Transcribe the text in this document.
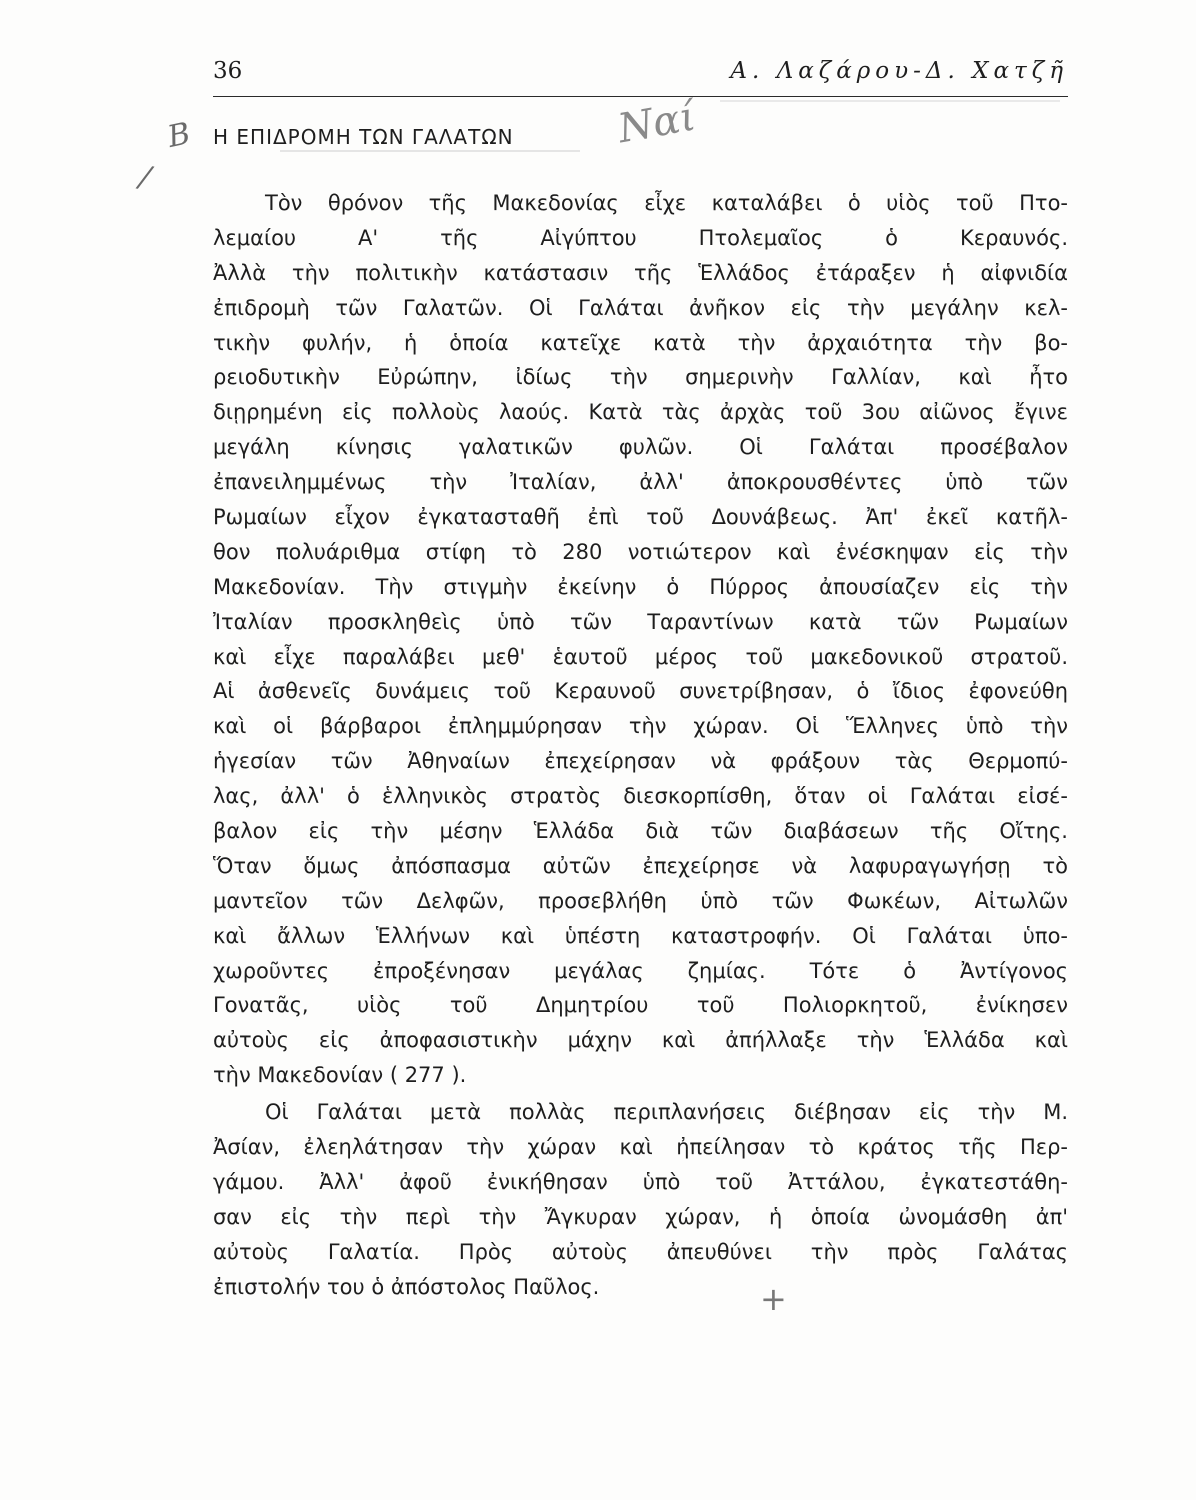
36	Α. Λαζάρου-Δ. Χατζῆ
B
/
Ναί
Η ΕΠΙΔΡΟΜΗ ΤΩΝ ΓΑΛΑΤΩΝ
Τὸν θρόνον τῆς Μακεδονίας εἶχε καταλάβει ὁ υἱὸς τοῦ Πτο-
λεμαίου Α' τῆς Αἰγύπτου Πτολεμαῖος ὁ Κεραυνός.
Ἀλλὰ τὴν πολιτικὴν κατάστασιν τῆς Ἑλλάδος ἐτάραξεν ἡ αἰφνιδία
ἐπιδρομὴ τῶν Γαλατῶν. Οἱ Γαλάται ἀνῆκον εἰς τὴν μεγάλην κελ-
τικὴν φυλήν, ἡ ὁποία κατεῖχε κατὰ τὴν ἀρχαιότητα τὴν βο-
ρειοδυτικὴν Εὐρώπην, ἰδίως τὴν σημερινὴν Γαλλίαν, καὶ ἦτο
διῃρημένη εἰς πολλοὺς λαούς. Κατὰ τὰς ἀρχὰς τοῦ 3ου αἰῶνος ἔγινε
μεγάλη κίνησις γαλατικῶν φυλῶν. Οἱ Γαλάται προσέβαλον
ἐπανειλημμένως τὴν Ἰταλίαν, ἀλλ' ἀποκρουσθέντες ὑπὸ τῶν
Ρωμαίων εἶχον ἐγκατασταθῆ ἐπὶ τοῦ Δουνάβεως. Ἀπ' ἐκεῖ κατῆλ-
θον πολυάριθμα στίφη τὸ 280 νοτιώτερον καὶ ἐνέσκηψαν εἰς τὴν
Μακεδονίαν. Τὴν στιγμὴν ἐκείνην ὁ Πύρρος ἀπουσίαζεν εἰς τὴν
Ἰταλίαν προσκληθεὶς ὑπὸ τῶν Ταραντίνων κατὰ τῶν Ρωμαίων
καὶ εἶχε παραλάβει μεθ' ἑαυτοῦ μέρος τοῦ μακεδονικοῦ στρατοῦ.
Αἱ ἀσθενεῖς δυνάμεις τοῦ Κεραυνοῦ συνετρίβησαν, ὁ ἴδιος ἐφονεύθη
καὶ οἱ βάρβαροι ἐπλημμύρησαν τὴν χώραν. Οἱ Ἕλληνες ὑπὸ τὴν
ἡγεσίαν τῶν Ἀθηναίων ἐπεχείρησαν νὰ φράξουν τὰς Θερμοπύ-
λας, ἀλλ' ὁ ἑλληνικὸς στρατὸς διεσκορπίσθη, ὅταν οἱ Γαλάται εἰσέ-
βαλον εἰς τὴν μέσην Ἑλλάδα διὰ τῶν διαβάσεων τῆς Οἴτης.
Ὅταν ὅμως ἀπόσπασμα αὐτῶν ἐπεχείρησε νὰ λαφυραγωγήσῃ τὸ
μαντεῖον τῶν Δελφῶν, προσεβλήθη ὑπὸ τῶν Φωκέων, Αἰτωλῶν
καὶ ἄλλων Ἑλλήνων καὶ ὑπέστη καταστροφήν. Οἱ Γαλάται ὑπο-
χωροῦντες ἐπροξένησαν μεγάλας ζημίας. Τότε ὁ Ἀντίγονος
Γονατᾶς, υἱὸς τοῦ Δημητρίου τοῦ Πολιορκητοῦ, ἐνίκησεν
αὐτοὺς εἰς ἀποφασιστικὴν μάχην καὶ ἀπήλλαξε τὴν Ἑλλάδα καὶ
τὴν Μακεδονίαν ( 277 ).
Οἱ Γαλάται μετὰ πολλὰς περιπλανήσεις διέβησαν εἰς τὴν Μ.
Ἀσίαν, ἐλεηλάτησαν τὴν χώραν καὶ ἠπείλησαν τὸ κράτος τῆς Περ-
γάμου. Ἀλλ' ἀφοῦ ἐνικήθησαν ὑπὸ τοῦ Ἀττάλου, ἐγκατεστάθη-
σαν εἰς τὴν περὶ τὴν Ἄγκυραν χώραν, ἡ ὁποία ὠνομάσθη ἀπ'
αὐτοὺς Γαλατία. Πρὸς αὐτοὺς ἀπευθύνει τὴν πρὸς Γαλάτας
ἐπιστολήν του ὁ ἀπόστολος Παῦλος.	+
